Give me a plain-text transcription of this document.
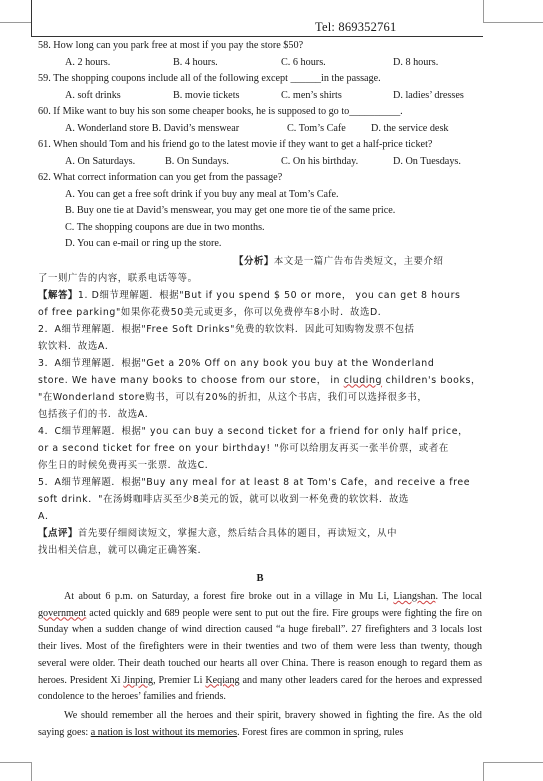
Tel: 869352761
58. How long can you park free at most if you pay the store $50?
A. 2 hours.	B. 4 hours.	C. 6 hours.	D. 8 hours.
59. The shopping coupons include all of the following except ______in the passage.
A. soft drinks	B. movie tickets	C. men’s shirts	D. ladies’ dresses
60. If Mike want to buy his son some cheaper books, he is supposed to go to__________.
A. Wonderland store B. David’s menswear	C. Tom’s Cafe	D. the service desk
61. When should Tom and his friend go to the latest movie if they want to get a half-price ticket?
A. On Saturdays.	B. On Sundays.	C. On his birthday.	D. On Tuesdays.
62. What correct information can you get from the passage?
A. You can get a free soft drink if you buy any meal at Tom’s Cafe.
B. Buy one tie at David’s menswear, you may get one more tie of the same price.
C. The shopping coupons are due in two months.
D. You can e-mail or ring up the store.
【分析】本文是一篇广告布告类短文，主要介绍
了一则广告的内容，联系电话等等。
【解答】1. D细节理解题．根据"But if you spend $ 50 or more， you can get 8 hours
of free parking"如果你花费50美元或更多，你可以免费停车8小时．故选D．
2．A细节理解题．根据"Free Soft Drinks"免费的软饮料．因此可知购物发票不包括
软饮料．故选A．
3．A细节理解题．根据"Get a 20% Off on any book you buy at the Wonderland
store. We have many books to choose from our store， in cluding children's books，
"在Wonderland store购书，可以有20%的折扣，从这个书店，我们可以选择很多书，
包括孩子们的书．故选A．
4．C细节理解题．根据" you can buy a second ticket for a friend for only half price，
or a second ticket for free on your birthday! "你可以给朋友再买一张半价票，或者在
你生日的时候免费再买一张票．故选C．
5．A细节理解题．根据"Buy any meal for at least 8 at Tom's Cafe，and receive a free
soft drink．"在汤姆咖啡店买至少8美元的饭，就可以收到一杯免费的软饮料．故选
A．
【点评】首先要仔细阅读短文，掌握大意，然后结合具体的题目，再读短文，从中
找出相关信息，就可以确定正确答案．
B
At about 6 p.m. on Saturday, a forest fire broke out in a village in Mu Li, Liangshan. The local government acted quickly and 689 people were sent to put out the fire. Fire groups were fighting the fire on Sunday when a sudden change of wind direction caused “a huge fireball”. 27 firefighters and 3 locals lost their lives. Most of the firefighters were in their twenties and two of them were less than twenty, though several were older. Their death touched our hearts all over China. There is reason enough to regard them as heroes. President Xi Jinping, Premier Li Keqiang and many other leaders cared for the heroes and expressed condolence to the heroes’ families and friends.
We should remember all the heroes and their spirit, bravery showed in fighting the fire. As the old saying goes: a nation is lost without its memories. Forest fires are common in spring, rules
